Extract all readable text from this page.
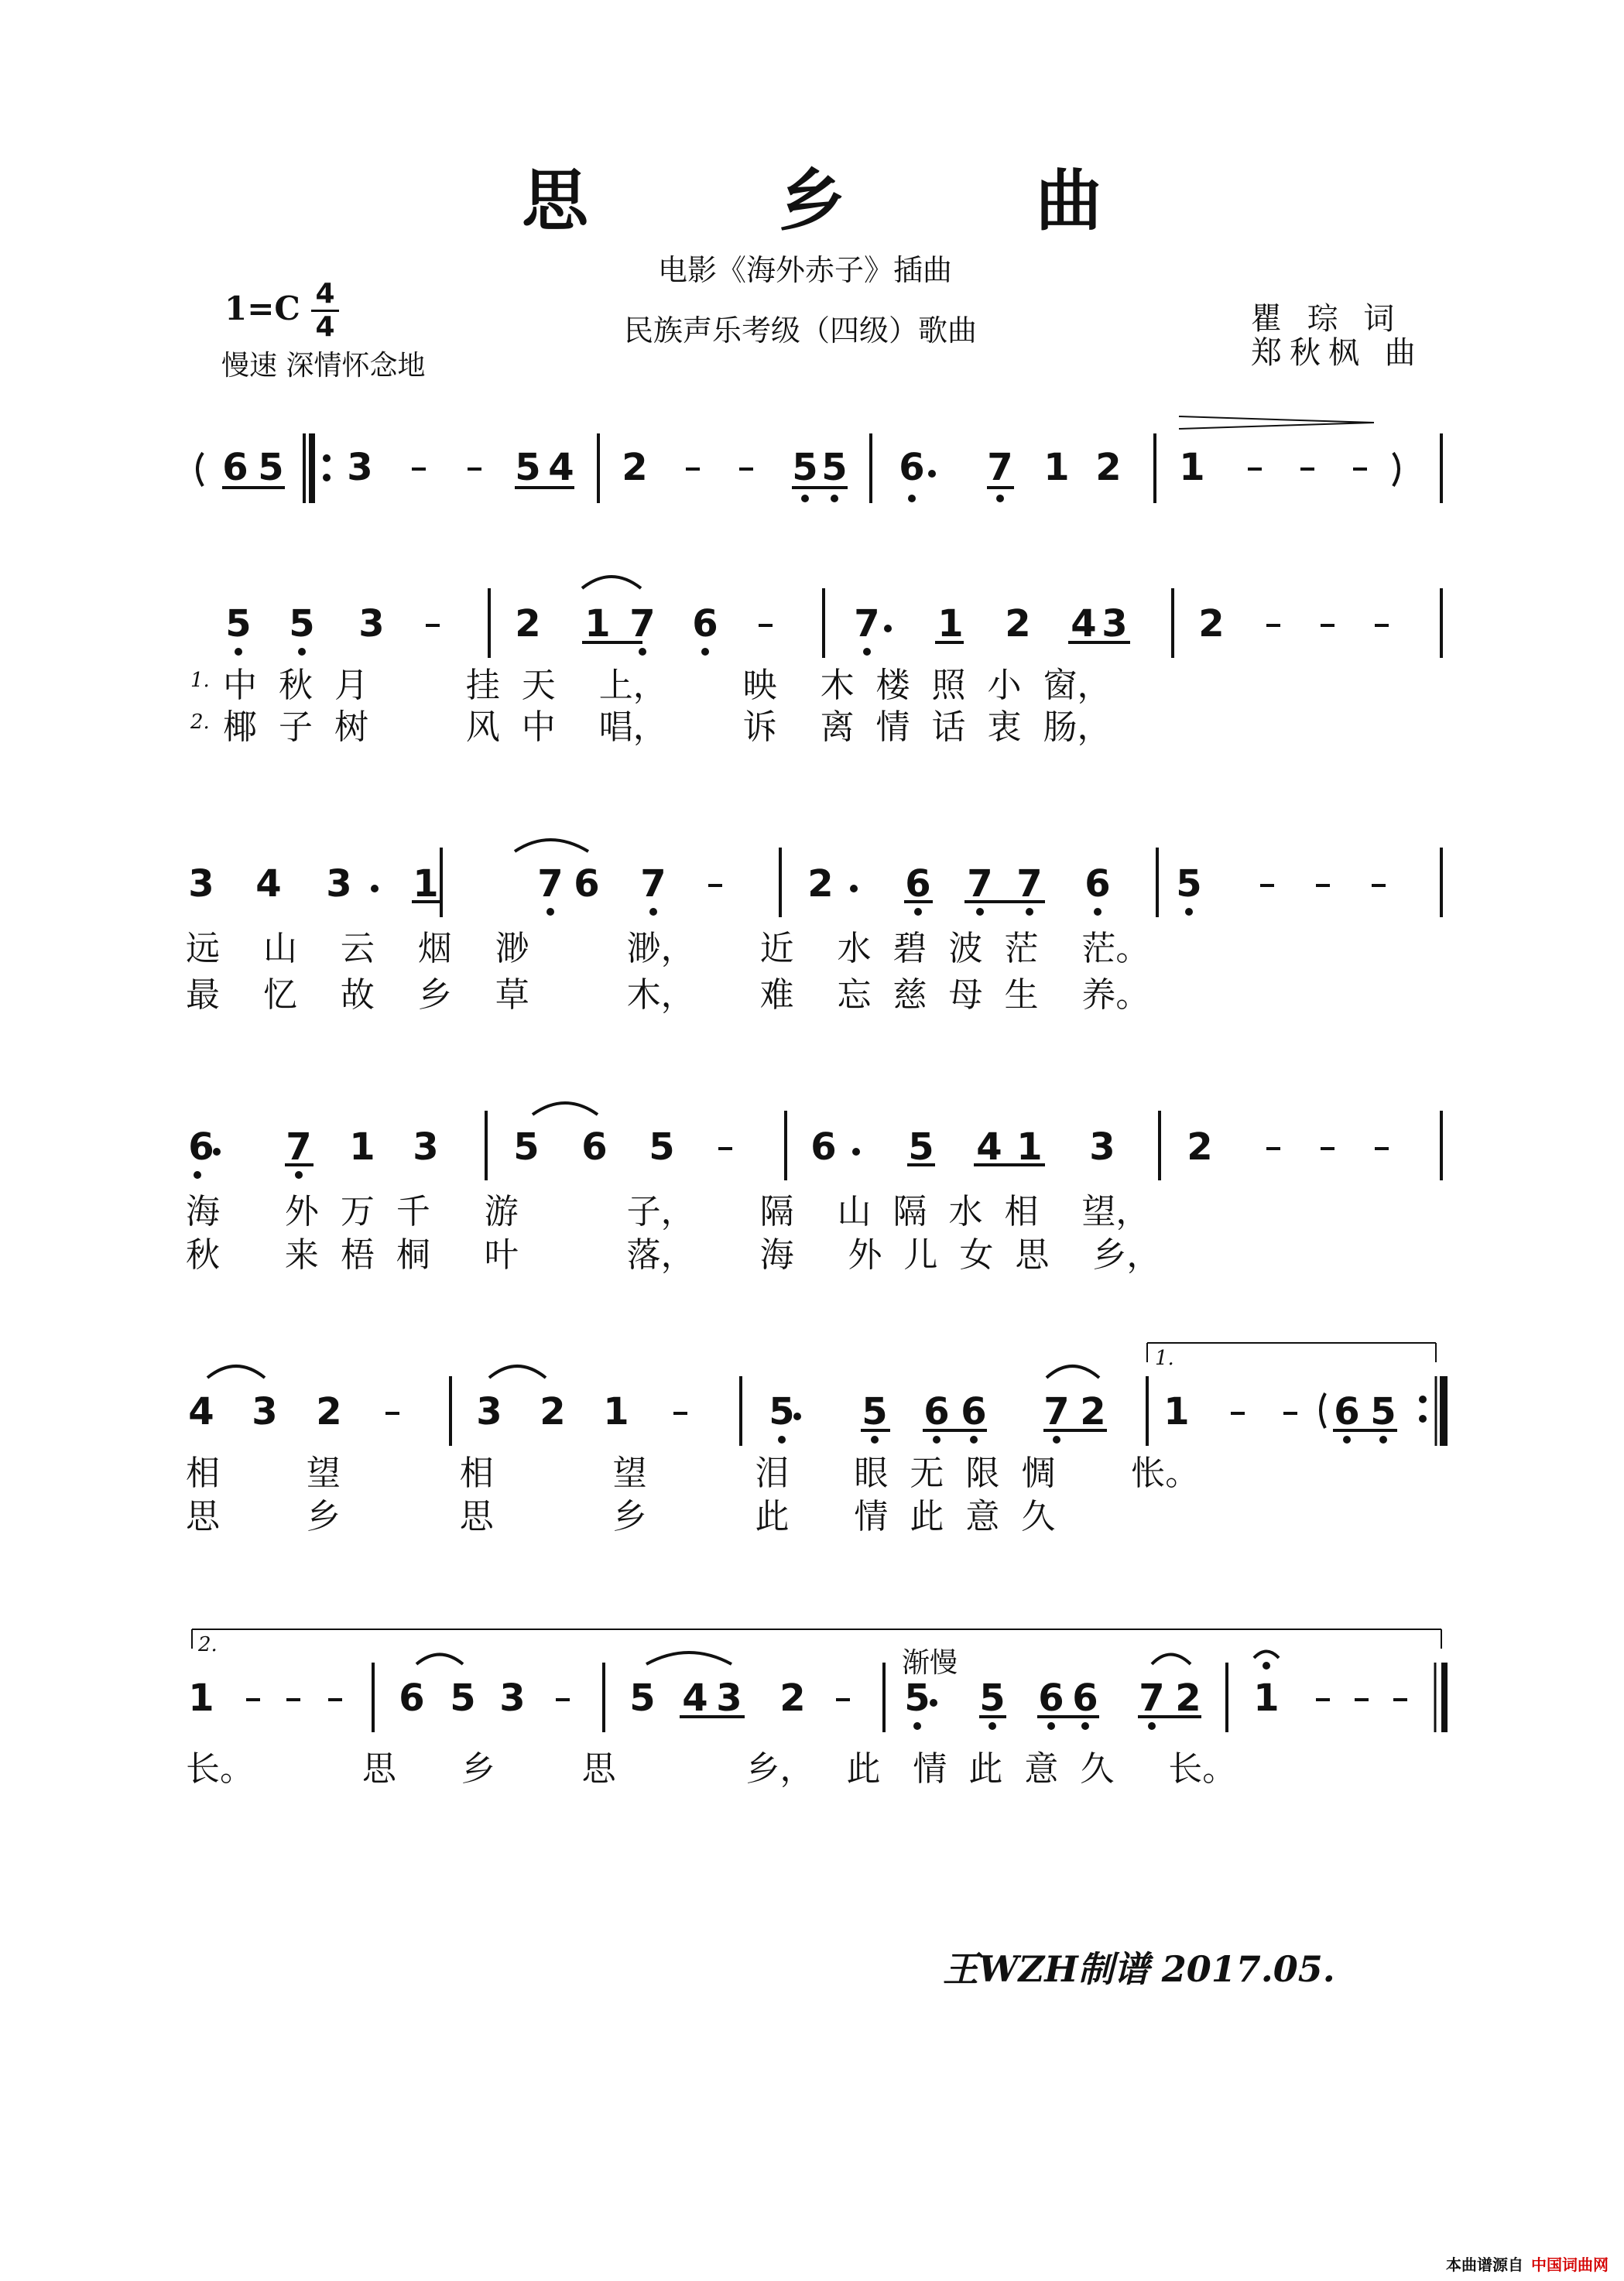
思 乡 曲
电影《海外赤子》插曲
1=C 4
4	民族声乐考级（四级）歌曲
慢速 深情怀念地
瞿 琮 词
郑秋枫 曲
6 5 3	5 4 2	5 5 6 7 1 2 1
5 5 3	2 1 7 6	7 1 2 4 3 2
1.
2.
中  秋  月         挂  天    上，       映    木  楼  照  小  窗，
椰  子  树         风  中    唱，       诉    离  情  话  衷  肠，
3 4 3 1	7 6 7	2 6 7 7 6 5
远    山    云    烟    渺         渺，      近    水  碧  波  茫    茫。
最    忆    故    乡    草         木，      难    忘  慈  母  生    养。
6 7 1 3 5 6 5	6 5 4 1 3 2
海      外  万  千     游          子，      隔    山  隔  水  相    望，
秋      来  梧  桐     叶          落，      海     外  儿  女  思    乡，
4 3 2	3 2 1	5 5 6 6 7 2 1	6 5
1.
相        望           相           望          泪      眼  无  限  惆       怅。
思        乡           思           乡          此      情  此  意  久
2.
渐慢
1	6 5 3	5 4 3 2	5 5 6 6 7 2 1
长。          思      乡        思            乡，   此   情  此  意  久     长。
王WZH制谱 2017.05.
本曲谱源自 中国词曲网
